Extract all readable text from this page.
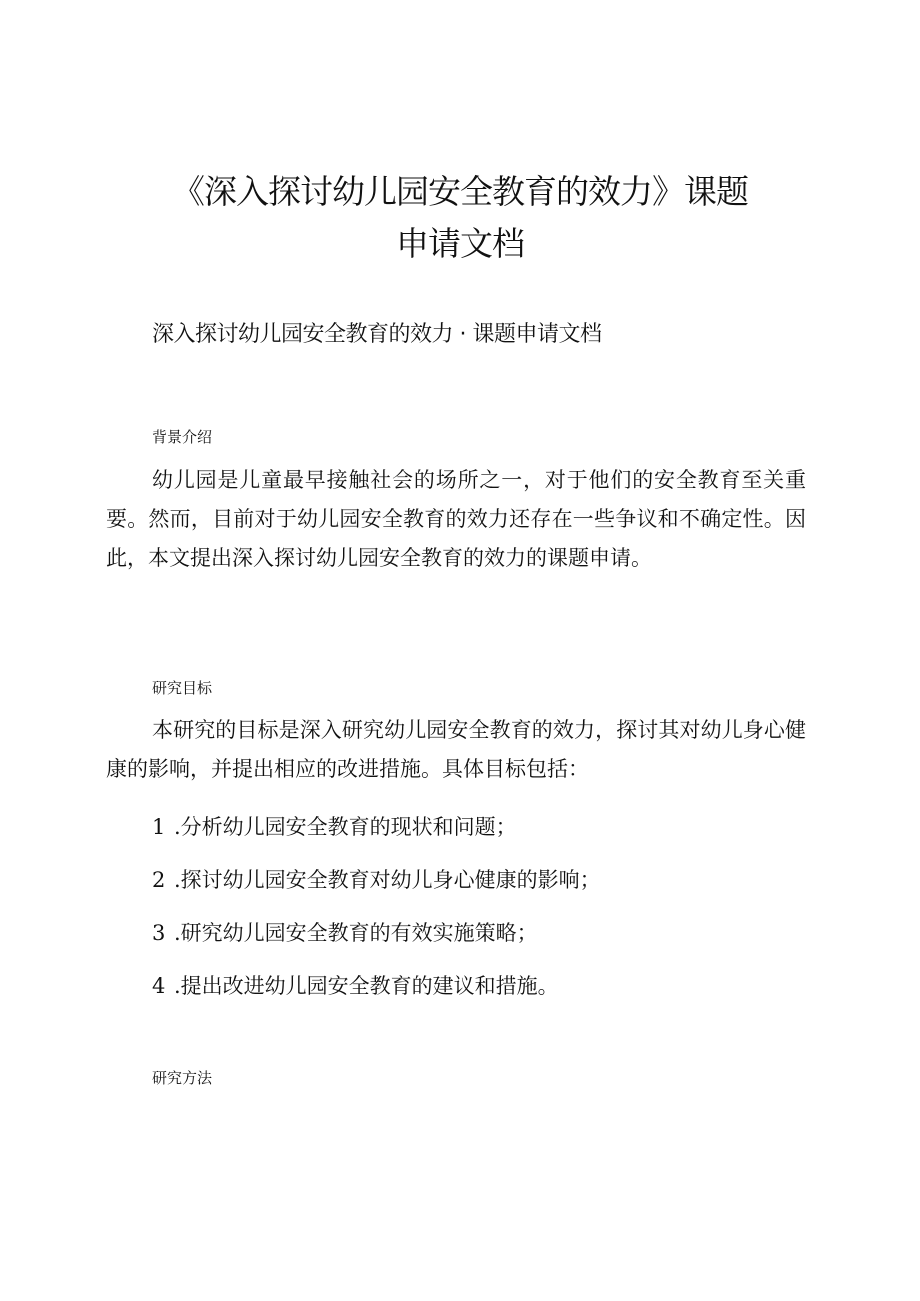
《深入探讨幼儿园安全教育的效力》课题
申请文档
深入探讨幼儿园安全教育的效力 · 课题申请文档
背景介绍

幼儿园是儿童最早接触社会的场所之一，对于他们的安全教育至关重要。然而，目前对于幼儿园安全教育的效力还存在一些争议和不确定性。因此，本文提出深入探讨幼儿园安全教育的效力的课题申请。

研究目标

本研究的目标是深入研究幼儿园安全教育的效力，探讨其对幼儿身心健康的影响，并提出相应的改进措施。具体目标包括：

1 .分析幼儿园安全教育的现状和问题；
2 .探讨幼儿园安全教育对幼儿身心健康的影响；
3 .研究幼儿园安全教育的有效实施策略；
4 .提出改进幼儿园安全教育的建议和措施。
研究方法
